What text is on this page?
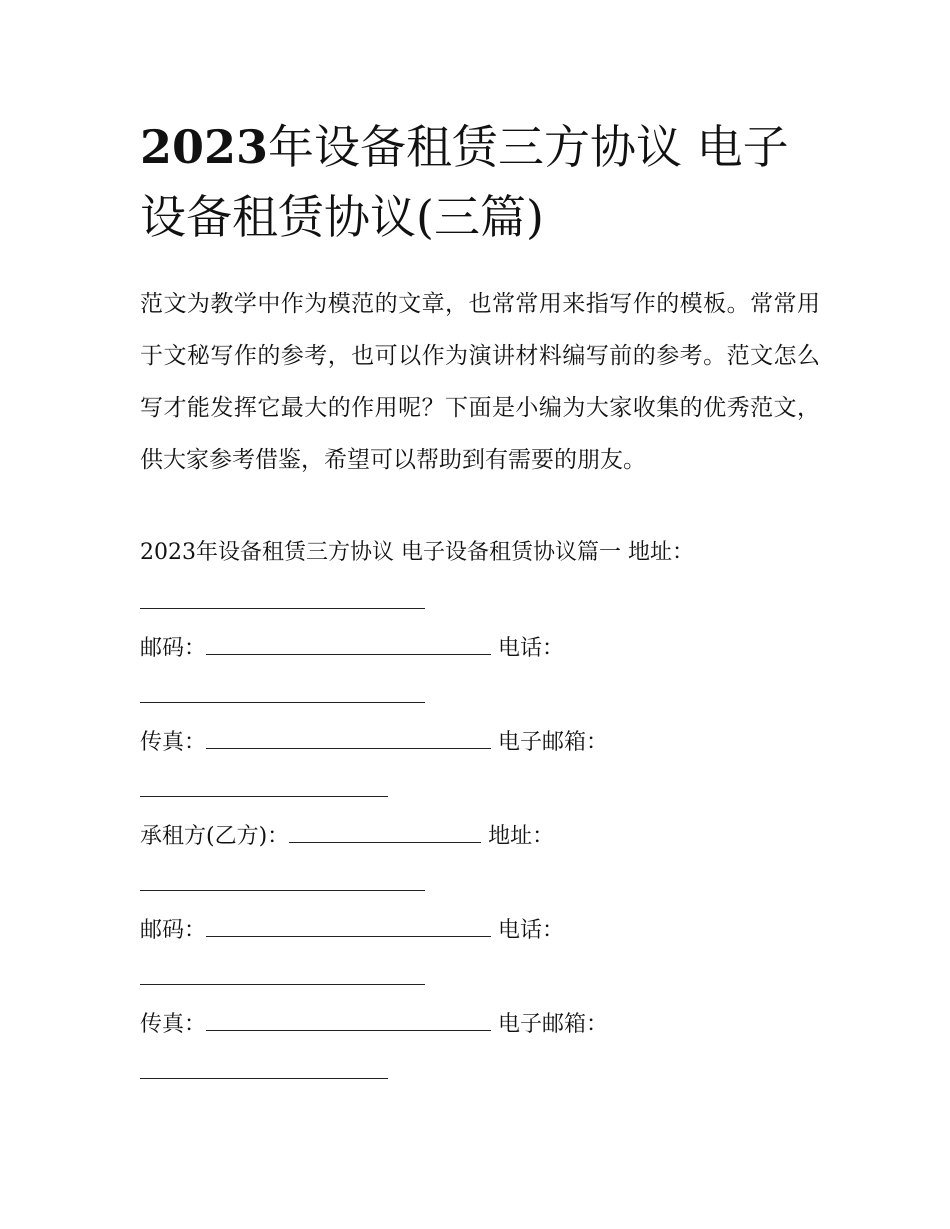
2023年设备租赁三方协议 电子设备租赁协议(三篇)

范文为教学中作为模范的文章，也常常用来指写作的模板。常常用于文秘写作的参考，也可以作为演讲材料编写前的参考。范文怎么写才能发挥它最大的作用呢？下面是小编为大家收集的优秀范文，供大家参考借鉴，希望可以帮助到有需要的朋友。

2023年设备租赁三方协议 电子设备租赁协议篇一 地址：
邮码：	电话：
传真：	电子邮箱：
承租方(乙方)：	地址：
邮码：	电话：
传真：	电子邮箱：
